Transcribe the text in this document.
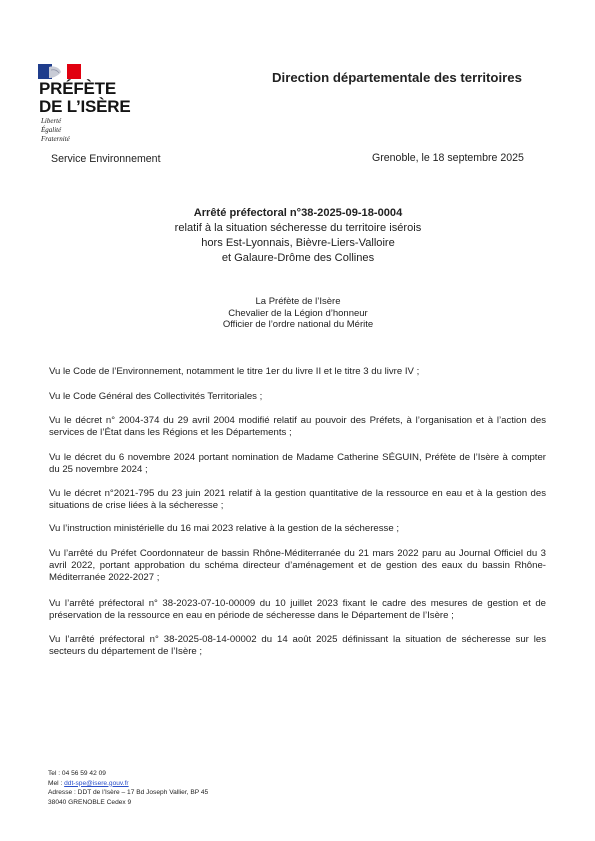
PRÉFÈTE
DE L’ISÈRE
Liberté
Égalité
Fraternité
Direction départementale des territoires
Service Environnement	Grenoble, le 18 septembre 2025
Arrêté préfectoral n°38-2025-09-18-0004
relatif à la situation sécheresse du territoire isérois
hors Est-Lyonnais, Bièvre-Liers-Valloire
et Galaure-Drôme des Collines
La Préfète de l’Isère
Chevalier de la Légion d’honneur
Officier de l’ordre national du Mérite
Vu le Code de l’Environnement, notamment le titre 1er du livre II et le titre 3 du livre IV ;
Vu le Code Général des Collectivités Territoriales ;
Vu le décret n° 2004-374 du 29 avril 2004 modifié relatif au pouvoir des Préfets, à l’organisation et à l’action des services de l’État dans les Régions et les Départements ;
Vu le décret du 6 novembre 2024 portant nomination de Madame Catherine SÉGUIN, Préfète de l’Isère à compter du 25 novembre 2024 ;
Vu le décret n°2021-795 du 23 juin 2021 relatif à la gestion quantitative de la ressource en eau et à la gestion des situations de crise liées à la sécheresse ;
Vu l’instruction ministérielle du 16 mai 2023 relative à la gestion de la sécheresse ;
Vu l’arrêté du Préfet Coordonnateur de bassin Rhône-Méditerranée du 21 mars 2022 paru au Journal Officiel du 3 avril 2022, portant approbation du schéma directeur d’aménagement et de gestion des eaux du bassin Rhône-Méditerranée 2022-2027 ;
Vu l’arrêté préfectoral n° 38-2023-07-10-00009 du 10 juillet 2023 fixant le cadre des mesures de gestion et de préservation de la ressource en eau en période de sécheresse dans le Département de l’Isère ;
Vu l’arrêté préfectoral n° 38-2025-08-14-00002 du 14 août 2025 définissant la situation de sécheresse sur les secteurs du département de l’Isère ;
Tel : 04 56 59 42 09
Mel : ddt-spe@isere.gouv.fr
Adresse : DDT de l’Isère – 17 Bd Joseph Vallier, BP 45
38040 GRENOBLE Cedex 9
